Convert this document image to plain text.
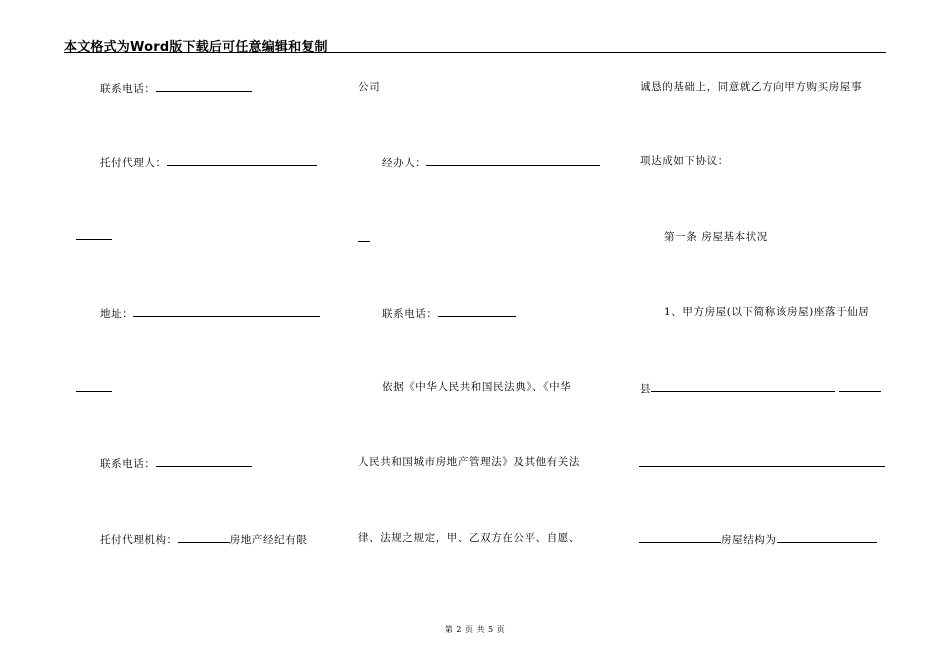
本文格式为Word版下载后可任意编辑和复制
联系电话：
托付代理人：
地址：
联系电话：
托付代理机构：	房地产经纪有限
公司
经办人：
联系电话：
依据《中华人民共和国民法典》、《中华
人民共和国城市房地产管理法》及其他有关法
律、法规之规定，甲、乙双方在公平、自愿、
诚恳的基础上，同意就乙方向甲方购买房屋事
项达成如下协议：
第一条 房屋基本状况
1、甲方房屋(以下简称该房屋)座落于仙居
县
房屋结构为
第 2 页 共 5 页
